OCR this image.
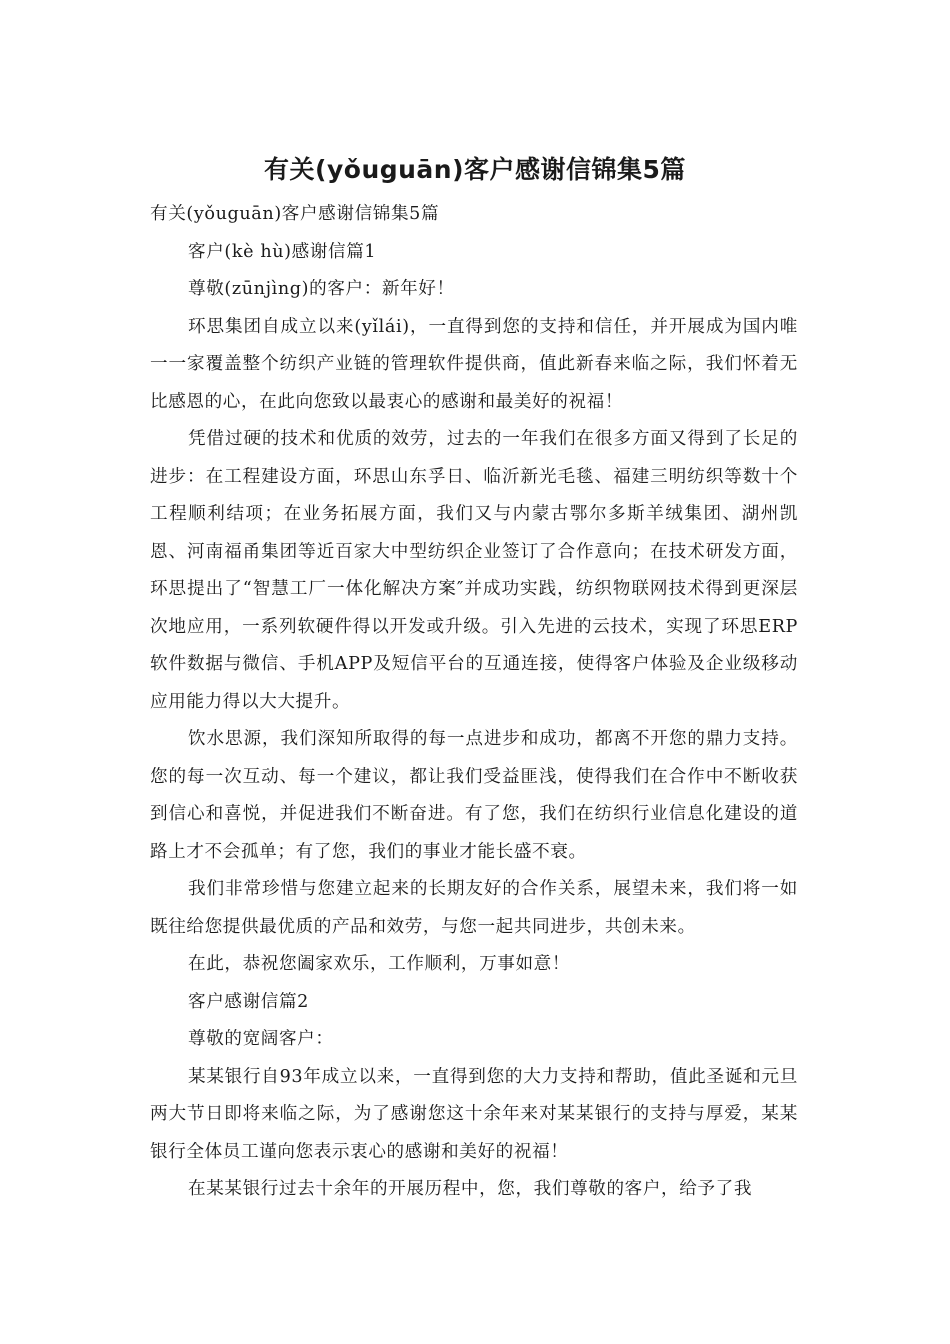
有关(yǒuguān)客户感谢信锦集5篇

有关(yǒuguān)客户感谢信锦集5篇

客户(kè hù)感谢信篇1

尊敬(zūnjìng)的客户：新年好！

环思集团自成立以来(yǐlái)，一直得到您的支持和信任，并开展成为国内唯一一家覆盖整个纺织产业链的管理软件提供商，值此新春来临之际，我们怀着无比感恩的心，在此向您致以最衷心的感谢和最美好的祝福！

凭借过硬的技术和优质的效劳，过去的一年我们在很多方面又得到了长足的进步：在工程建设方面，环思山东孚日、临沂新光毛毯、福建三明纺织等数十个工程顺利结项；在业务拓展方面，我们又与内蒙古鄂尔多斯羊绒集团、湖州凯恩、河南福甬集团等近百家大中型纺织企业签订了合作意向；在技术研发方面，环思提出了“智慧工厂一体化解决方案″并成功实践，纺织物联网技术得到更深层次地应用，一系列软硬件得以开发或升级。引入先进的云技术，实现了环思ERP软件数据与微信、手机APP及短信平台的互通连接，使得客户体验及企业级移动应用能力得以大大提升。

饮水思源，我们深知所取得的每一点进步和成功，都离不开您的鼎力支持。您的每一次互动、每一个建议，都让我们受益匪浅，使得我们在合作中不断收获到信心和喜悦，并促进我们不断奋进。有了您，我们在纺织行业信息化建设的道路上才不会孤单；有了您，我们的事业才能长盛不衰。

我们非常珍惜与您建立起来的长期友好的合作关系，展望未来，我们将一如既往给您提供最优质的产品和效劳，与您一起共同进步，共创未来。

在此，恭祝您阖家欢乐，工作顺利，万事如意！

客户感谢信篇2

尊敬的宽阔客户：

某某银行自93年成立以来，一直得到您的大力支持和帮助，值此圣诞和元旦两大节日即将来临之际，为了感谢您这十余年来对某某银行的支持与厚爱，某某银行全体员工谨向您表示衷心的感谢和美好的祝福！

在某某银行过去十余年的开展历程中，您，我们尊敬的客户，给予了我
